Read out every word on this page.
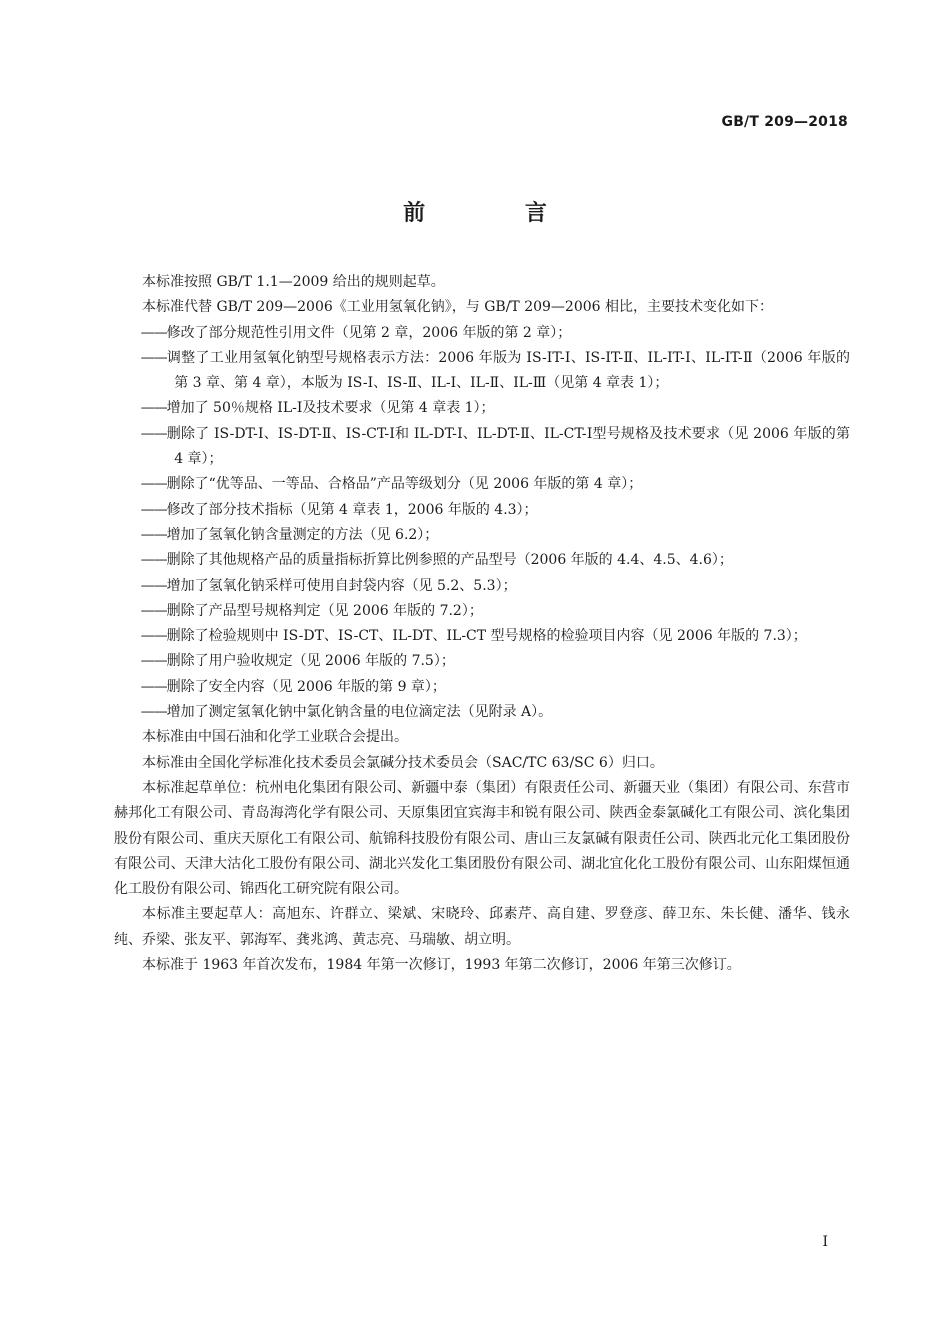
GB/T 209—2018
前 言

本标准按照 GB/T 1.1—2009 给出的规则起草。

本标准代替 GB/T 209—2006《工业用氢氧化钠》，与 GB/T 209—2006 相比，主要技术变化如下：

——修改了部分规范性引用文件（见第 2 章，2006 年版的第 2 章）；

——调整了工业用氢氧化钠型号规格表示方法：2006 年版为 IS-IT-Ⅰ、IS-IT-Ⅱ、IL-IT-Ⅰ、IL-IT-Ⅱ（2006 年版的第 3 章、第 4 章），本版为 IS-Ⅰ、IS-Ⅱ、IL-Ⅰ、IL-Ⅱ、IL-Ⅲ（见第 4 章表 1）；

——增加了 50％规格 IL-Ⅰ及技术要求（见第 4 章表 1）；

——删除了 IS-DT-Ⅰ、IS-DT-Ⅱ、IS-CT-Ⅰ和 IL-DT-Ⅰ、IL-DT-Ⅱ、IL-CT-Ⅰ型号规格及技术要求（见 2006 年版的第 4 章）；

——删除了“优等品、一等品、合格品”产品等级划分（见 2006 年版的第 4 章）；

——修改了部分技术指标（见第 4 章表 1，2006 年版的 4.3）；

——增加了氢氧化钠含量测定的方法（见 6.2）；

——删除了其他规格产品的质量指标折算比例参照的产品型号（2006 年版的 4.4、4.5、4.6）；

——增加了氢氧化钠采样可使用自封袋内容（见 5.2、5.3）；

——删除了产品型号规格判定（见 2006 年版的 7.2）；

——删除了检验规则中 IS-DT、IS-CT、IL-DT、IL-CT 型号规格的检验项目内容（见 2006 年版的 7.3）；

——删除了用户验收规定（见 2006 年版的 7.5）；

——删除了安全内容（见 2006 年版的第 9 章）；

——增加了测定氢氧化钠中氯化钠含量的电位滴定法（见附录 A）。

本标准由中国石油和化学工业联合会提出。

本标准由全国化学标准化技术委员会氯碱分技术委员会（SAC/TC 63/SC 6）归口。

本标准起草单位：杭州电化集团有限公司、新疆中泰（集团）有限责任公司、新疆天业（集团）有限公司、东营市赫邦化工有限公司、青岛海湾化学有限公司、天原集团宜宾海丰和锐有限公司、陕西金泰氯碱化工有限公司、滨化集团股份有限公司、重庆天原化工有限公司、航锦科技股份有限公司、唐山三友氯碱有限责任公司、陕西北元化工集团股份有限公司、天津大沽化工股份有限公司、湖北兴发化工集团股份有限公司、湖北宜化化工股份有限公司、山东阳煤恒通化工股份有限公司、锦西化工研究院有限公司。

本标准主要起草人：高旭东、许群立、梁斌、宋晓玲、邱素芹、高自建、罗登彦、薛卫东、朱长健、潘华、钱永纯、乔梁、张友平、郭海军、龚兆鸿、黄志亮、马瑞敏、胡立明。

本标准于 1963 年首次发布，1984 年第一次修订，1993 年第二次修订，2006 年第三次修订。

I
